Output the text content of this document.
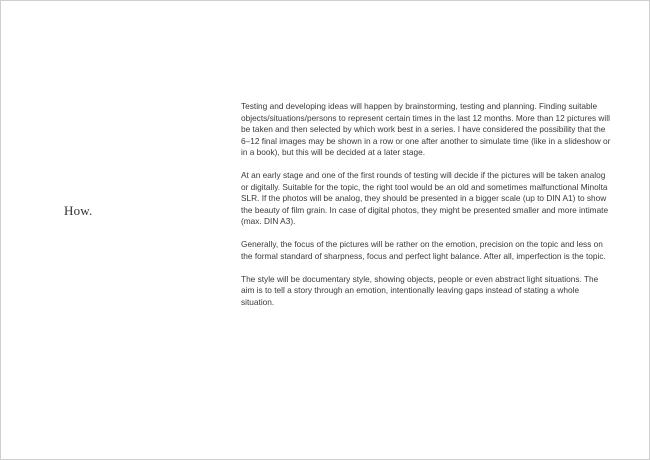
How.

Testing and developing ideas will happen by brainstorming, testing and planning. Finding suitable objects/situations/persons to represent certain times in the last 12 months. More than 12 pictures will be taken and then selected by which work best in a series. I have considered the possibility that the 6–12 final images may be shown in a row or one after another to simulate time (like in a slideshow or in a book), but this will be decided at a later stage.

At an early stage and one of the first rounds of testing will decide if the pictures will be taken analog or digitally. Suitable for the topic, the right tool would be an old and sometimes malfunctional Minolta SLR. If the photos will be analog, they should be presented in a bigger scale (up to DIN A1) to show the beauty of film grain. In case of digital photos, they might be presented smaller and more intimate (max. DIN A3).

Generally, the focus of the pictures will be rather on the emotion, precision on the topic and less on the formal standard of sharpness, focus and perfect light balance. After all, imperfection is the topic.

The style will be documentary style, showing objects, people or even abstract light situations. The aim is to tell a story through an emotion, intentionally leaving gaps instead of stating a whole situation.
